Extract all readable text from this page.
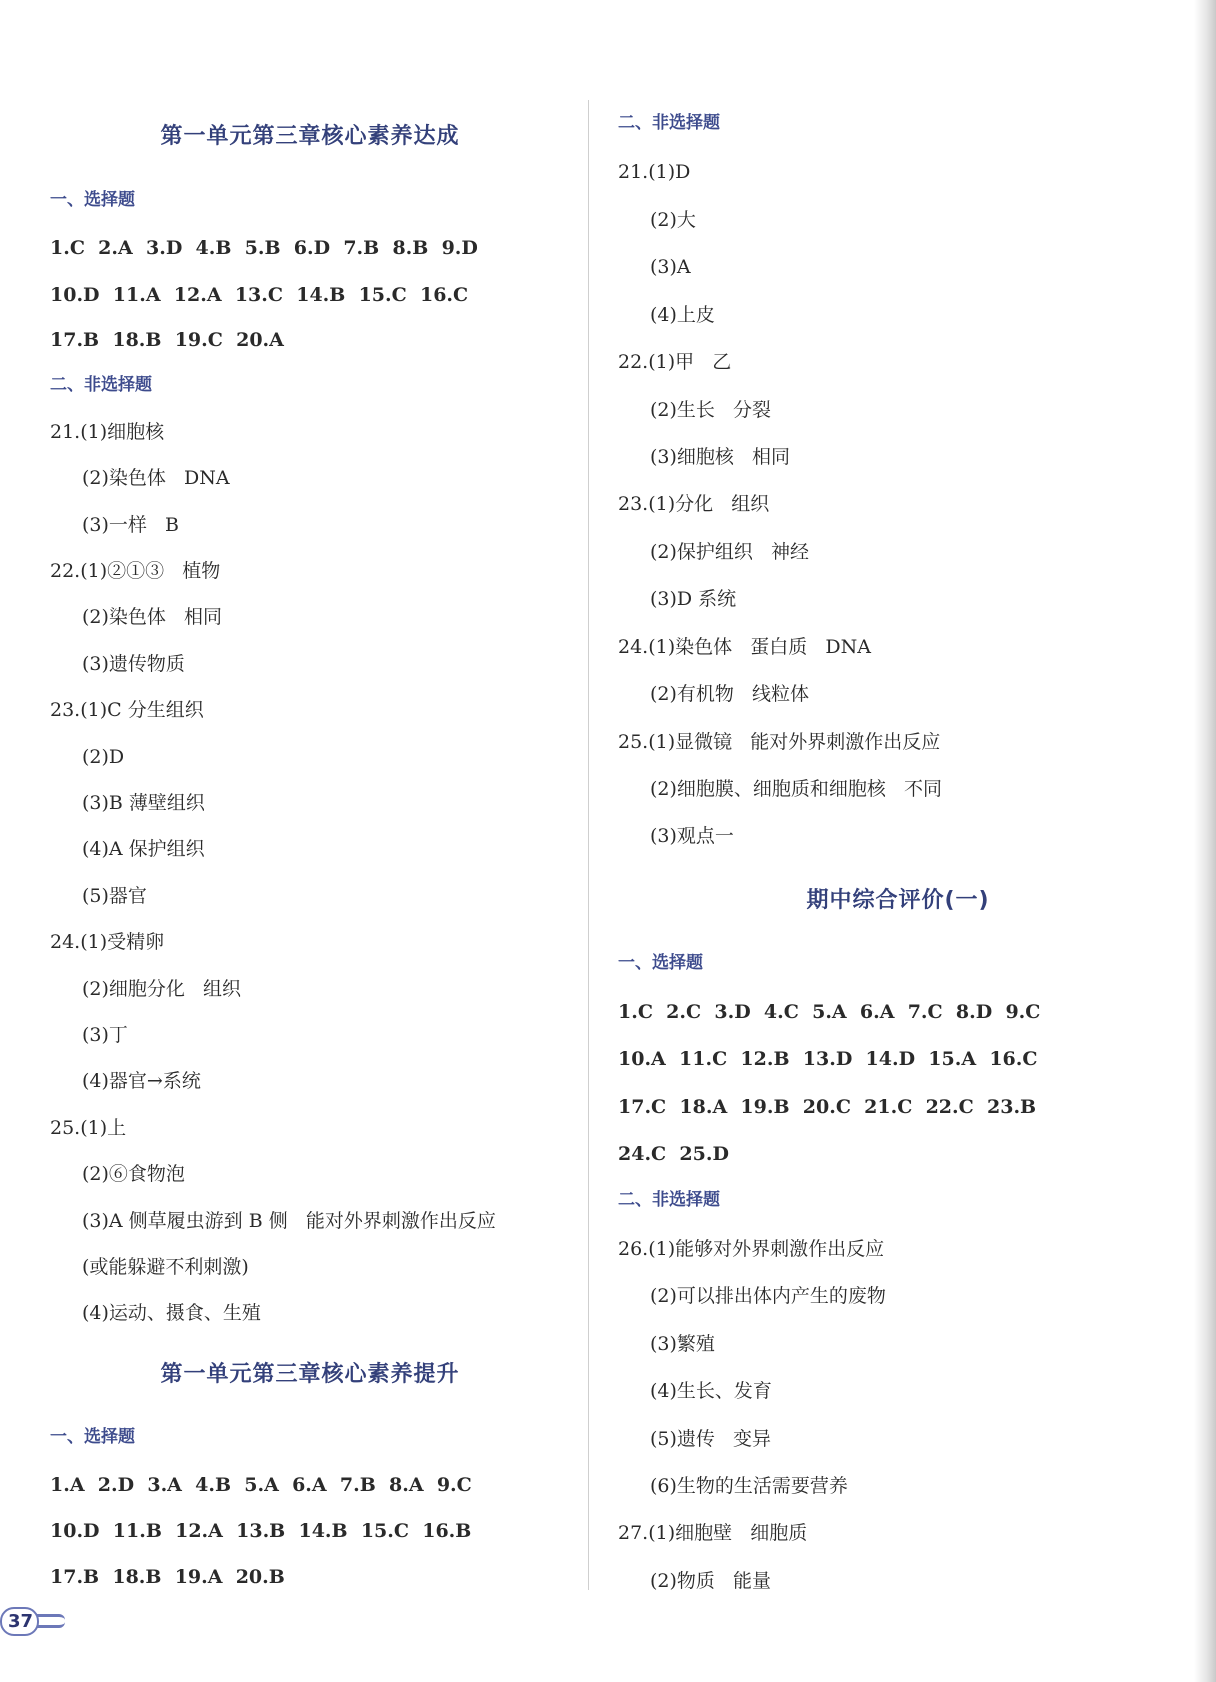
第一单元第三章核心素养达成
一、选择题
1.C  2.A  3.D  4.B  5.B  6.D  7.B  8.B  9.D
10.D  11.A  12.A  13.C  14.B  15.C  16.C
17.B  18.B  19.C  20.A
二、非选择题
21.(1)细胞核
(2)染色体   DNA
(3)一样   B
22.(1)②①③   植物
(2)染色体   相同
(3)遗传物质
23.(1)C 分生组织
(2)D
(3)B 薄壁组织
(4)A 保护组织
(5)器官
24.(1)受精卵
(2)细胞分化   组织
(3)丁
(4)器官→系统
25.(1)上
(2)⑥食物泡
(3)A 侧草履虫游到 B 侧   能对外界刺激作出反应
(或能躲避不利刺激)
(4)运动、摄食、生殖
第一单元第三章核心素养提升
一、选择题
1.A  2.D  3.A  4.B  5.A  6.A  7.B  8.A  9.C
10.D  11.B  12.A  13.B  14.B  15.C  16.B
17.B  18.B  19.A  20.B
二、非选择题
21.(1)D
(2)大
(3)A
(4)上皮
22.(1)甲   乙
(2)生长   分裂
(3)细胞核   相同
23.(1)分化   组织
(2)保护组织   神经
(3)D 系统
24.(1)染色体   蛋白质   DNA
(2)有机物   线粒体
25.(1)显微镜   能对外界刺激作出反应
(2)细胞膜、细胞质和细胞核   不同
(3)观点一
期中综合评价(一)
一、选择题
1.C  2.C  3.D  4.C  5.A  6.A  7.C  8.D  9.C
10.A  11.C  12.B  13.D  14.D  15.A  16.C
17.C  18.A  19.B  20.C  21.C  22.C  23.B
24.C  25.D
二、非选择题
26.(1)能够对外界刺激作出反应
(2)可以排出体内产生的废物
(3)繁殖
(4)生长、发育
(5)遗传   变异
(6)生物的生活需要营养
27.(1)细胞壁   细胞质
(2)物质   能量
37
